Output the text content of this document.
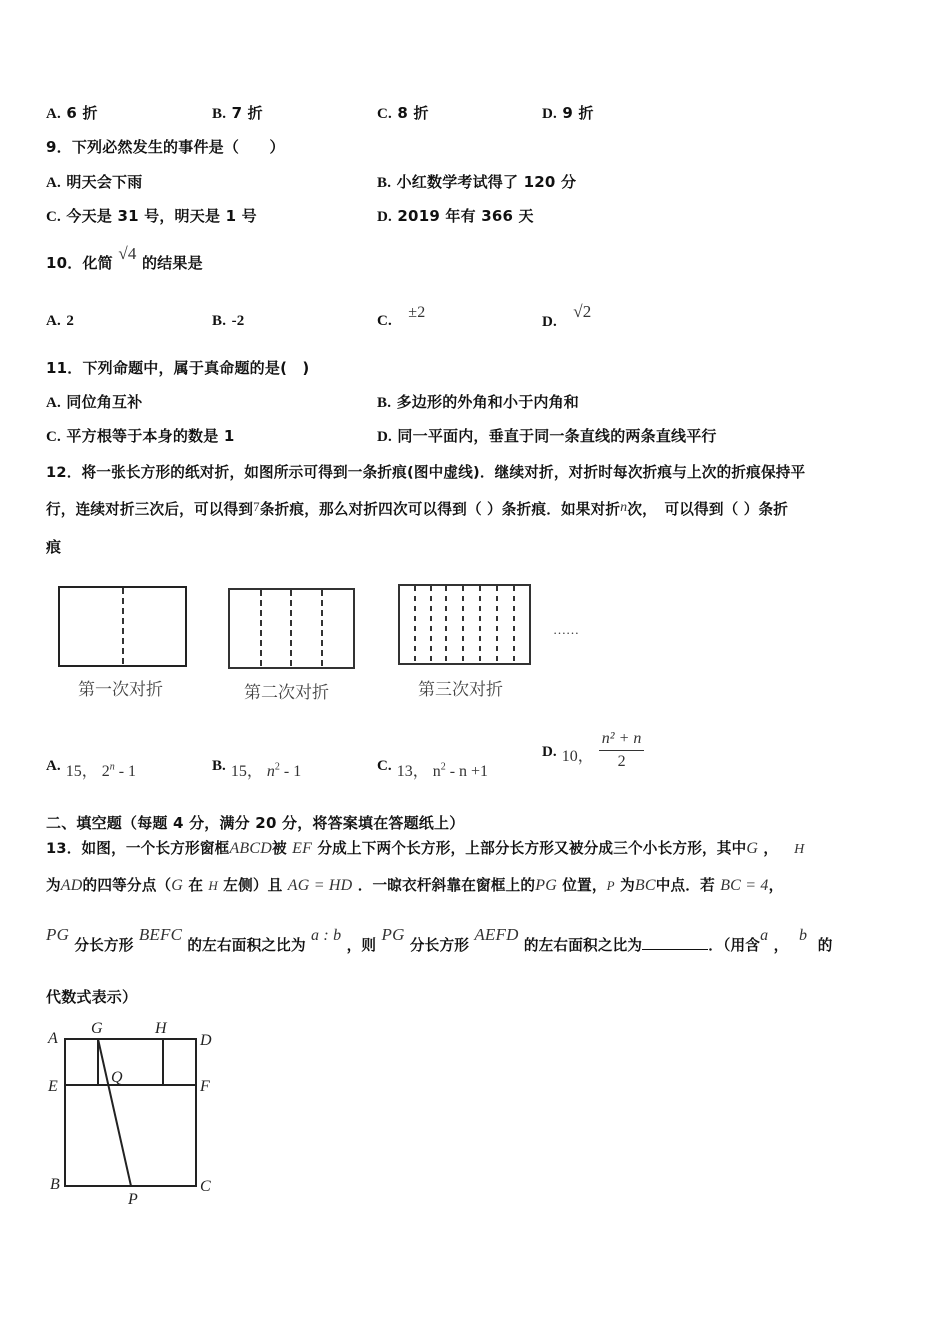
A. 6 折	B. 7 折	C. 8 折	D. 9 折
9．下列必然发生的事件是（　　）
A. 明天会下雨	B. 小红数学考试得了 120 分
C. 今天是 31 号，明天是 1 号	D. 2019 年有 366 天
10．化简 √4 的结果是
A. 2	B. -2	C. ±2
D.   √2
11．下列命题中，属于真命题的是(　)
A. 同位角互补	B. 多边形的外角和小于内角和
C. 平方根等于本身的数是 1	D. 同一平面内，垂直于同一条直线的两条直线平行
12．将一张长方形的纸对折，如图所示可得到一条折痕(图中虚线)．继续对折，对折时每次折痕与上次的折痕保持平
行，连续对折三次后，可以得到7条折痕，那么对折四次可以得到（ ）条折痕．如果对折n次，　可以得到（ ）条折
痕
第一次对折	第二次对折	第三次对折
……
A. 15， 2$^n$ - 1	B. 15， $n^2 - 1$	C. 13， $n^2 - n +1$
D. 10， $\frac{\text{n² + n}}{2}$
二、填空题（每题 4 分，满分 20 分，将答案填在答题纸上）
13．如图，一个长方形窗框ABCD被 EF 分成上下两个长方形，上部分长方形又被分成三个小长方形，其中G ， H
为AD的四等分点（G 在 H 左侧）且 AG = HD ．一晾衣杆斜靠在窗框上的PG 位置，P 为BC中点．若 BC = 4，
PG 分长方形 BEFC 的左右面积之比为 a : b ，则 PG 分长方形 AEFD 的左右面积之比为	．（用含a ，  b  的
代数式表示）
A
G	H
D
E
Q
F
B
P
C
